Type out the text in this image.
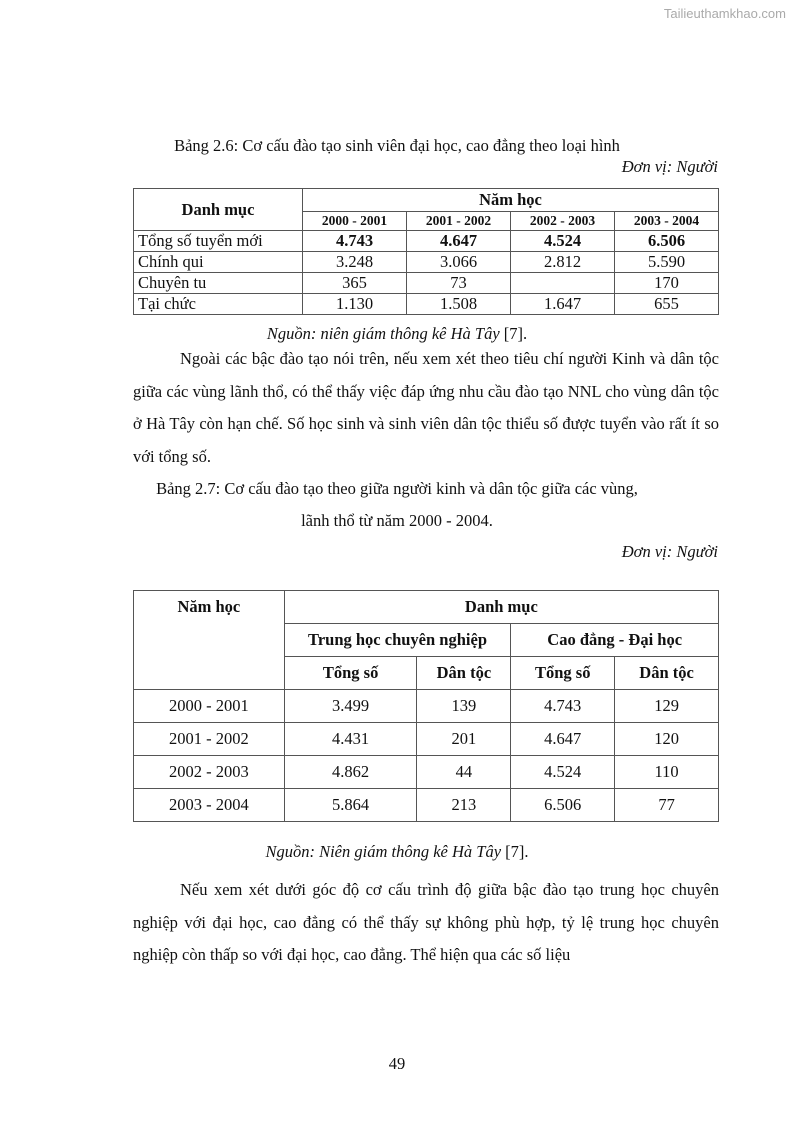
Tailieuthamkhao.com
Bảng 2.6: Cơ cấu đào tạo sinh viên đại học, cao đẳng theo loại hình
Đơn vị: Người
Danh mục	Năm học			
	2000 - 2001	2001 - 2002	2002 - 2003	2003 - 2004
Tổng số tuyển mới	4.743	4.647	4.524	6.506
Chính qui	3.248	3.066	2.812	5.590
Chuyên tu	365	73		170
Tại chức	1.130	1.508	1.647	655
Nguồn: niên giám thông kê Hà Tây [7].
Ngoài các bậc đào tạo nói trên, nếu xem xét theo tiêu chí người Kinh và dân tộc giữa các vùng lãnh thổ, có thể thấy việc đáp ứng nhu cầu đào tạo NNL cho vùng dân tộc ở Hà Tây còn hạn chế. Số học sinh và sinh viên dân tộc thiểu số được tuyển vào rất ít so với tổng số.
Bảng 2.7: Cơ cấu đào tạo theo giữa người kinh và dân tộc giữa các vùng,
lãnh thổ từ năm 2000 - 2004.
Đơn vị: Người
Năm học	Danh mục			
	Trung học chuyên nghiệp		Cao đẳng - Đại học	
	Tổng số	Dân tộc	Tổng số	Dân tộc
2000 - 2001	3.499	139	4.743	129
2001 - 2002	4.431	201	4.647	120
2002 - 2003	4.862	44	4.524	110
2003 - 2004	5.864	213	6.506	77
Nguồn: Niên giám thông kê Hà Tây [7].
Nếu xem xét dưới góc độ cơ cấu trình độ giữa bậc đào tạo trung học chuyên nghiệp với đại học, cao đẳng có thể thấy sự không phù hợp, tỷ lệ trung học chuyên nghiệp còn thấp so với đại học, cao đẳng. Thể hiện qua các số liệu
49
